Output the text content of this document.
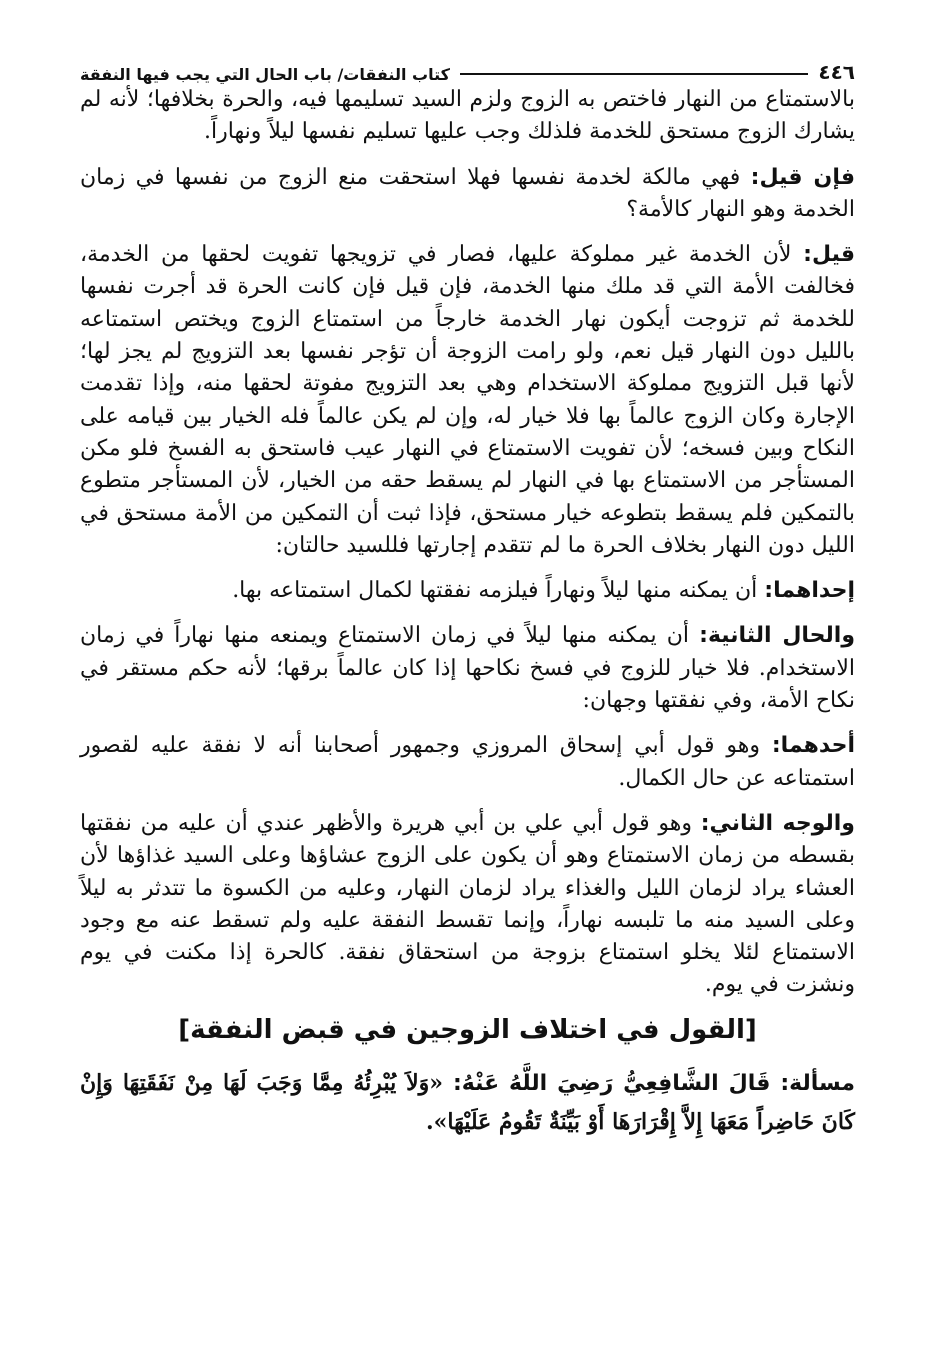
٤٤٦
كتاب النفقات/ باب الحال التي يجب فيها النفقة

بالاستمتاع من النهار فاختص به الزوج ولزم السيد تسليمها فيه، والحرة بخلافها؛ لأنه لم يشارك الزوج مستحق للخدمة فلذلك وجب عليها تسليم نفسها ليلاً ونهاراً.

فإن قيل: فهي مالكة لخدمة نفسها فهلا استحقت منع الزوج من نفسها في زمان الخدمة وهو النهار كالأمة؟

قيل: لأن الخدمة غير مملوكة عليها، فصار في تزويجها تفويت لحقها من الخدمة، فخالفت الأمة التي قد ملك منها الخدمة، فإن قيل فإن كانت الحرة قد أجرت نفسها للخدمة ثم تزوجت أيكون نهار الخدمة خارجاً من استمتاع الزوج ويختص استمتاعه بالليل دون النهار قيل نعم، ولو رامت الزوجة أن تؤجر نفسها بعد التزويج لم يجز لها؛ لأنها قبل التزويج مملوكة الاستخدام وهي بعد التزويج مفوتة لحقها منه، وإذا تقدمت الإجارة وكان الزوج عالماً بها فلا خيار له، وإن لم يكن عالماً فله الخيار بين قيامه على النكاح وبين فسخه؛ لأن تفويت الاستمتاع في النهار عيب فاستحق به الفسخ فلو مكن المستأجر من الاستمتاع بها في النهار لم يسقط حقه من الخيار، لأن المستأجر متطوع بالتمكين فلم يسقط بتطوعه خيار مستحق، فإذا ثبت أن التمكين من الأمة مستحق في الليل دون النهار بخلاف الحرة ما لم تتقدم إجارتها فللسيد حالتان:

إحداهما: أن يمكنه منها ليلاً ونهاراً فيلزمه نفقتها لكمال استمتاعه بها.

والحال الثانية: أن يمكنه منها ليلاً في زمان الاستمتاع ويمنعه منها نهاراً في زمان الاستخدام. فلا خيار للزوج في فسخ نكاحها إذا كان عالماً برقها؛ لأنه حكم مستقر في نكاح الأمة، وفي نفقتها وجهان:

أحدهما: وهو قول أبي إسحاق المروزي وجمهور أصحابنا أنه لا نفقة عليه لقصور استمتاعه عن حال الكمال.

والوجه الثاني: وهو قول أبي علي بن أبي هريرة والأظهر عندي أن عليه من نفقتها بقسطه من زمان الاستمتاع وهو أن يكون على الزوج عشاؤها وعلى السيد غذاؤها لأن العشاء يراد لزمان الليل والغذاء يراد لزمان النهار، وعليه من الكسوة ما تتدثر به ليلاً وعلى السيد منه ما تلبسه نهاراً، وإنما تقسط النفقة عليه ولم تسقط عنه مع وجود الاستمتاع لئلا يخلو استمتاع بزوجة من استحقاق نفقة. كالحرة إذا مكنت في يوم ونشزت في يوم.

[القول في اختلاف الزوجين في قبض النفقة]

مسألة: قَالَ الشَّافِعِيُّ رَضِيَ اللَّهُ عَنْهُ: «وَلاَ يُبْرِئُهُ مِمَّا وَجَبَ لَهَا مِنْ نَفَقَتِهَا وَإِنْ كَانَ حَاضِراً مَعَهَا إِلاَّ إِقْرَارَهَا أَوْ بَيِّنَةٌ تَقُومُ عَلَيْهَا».
